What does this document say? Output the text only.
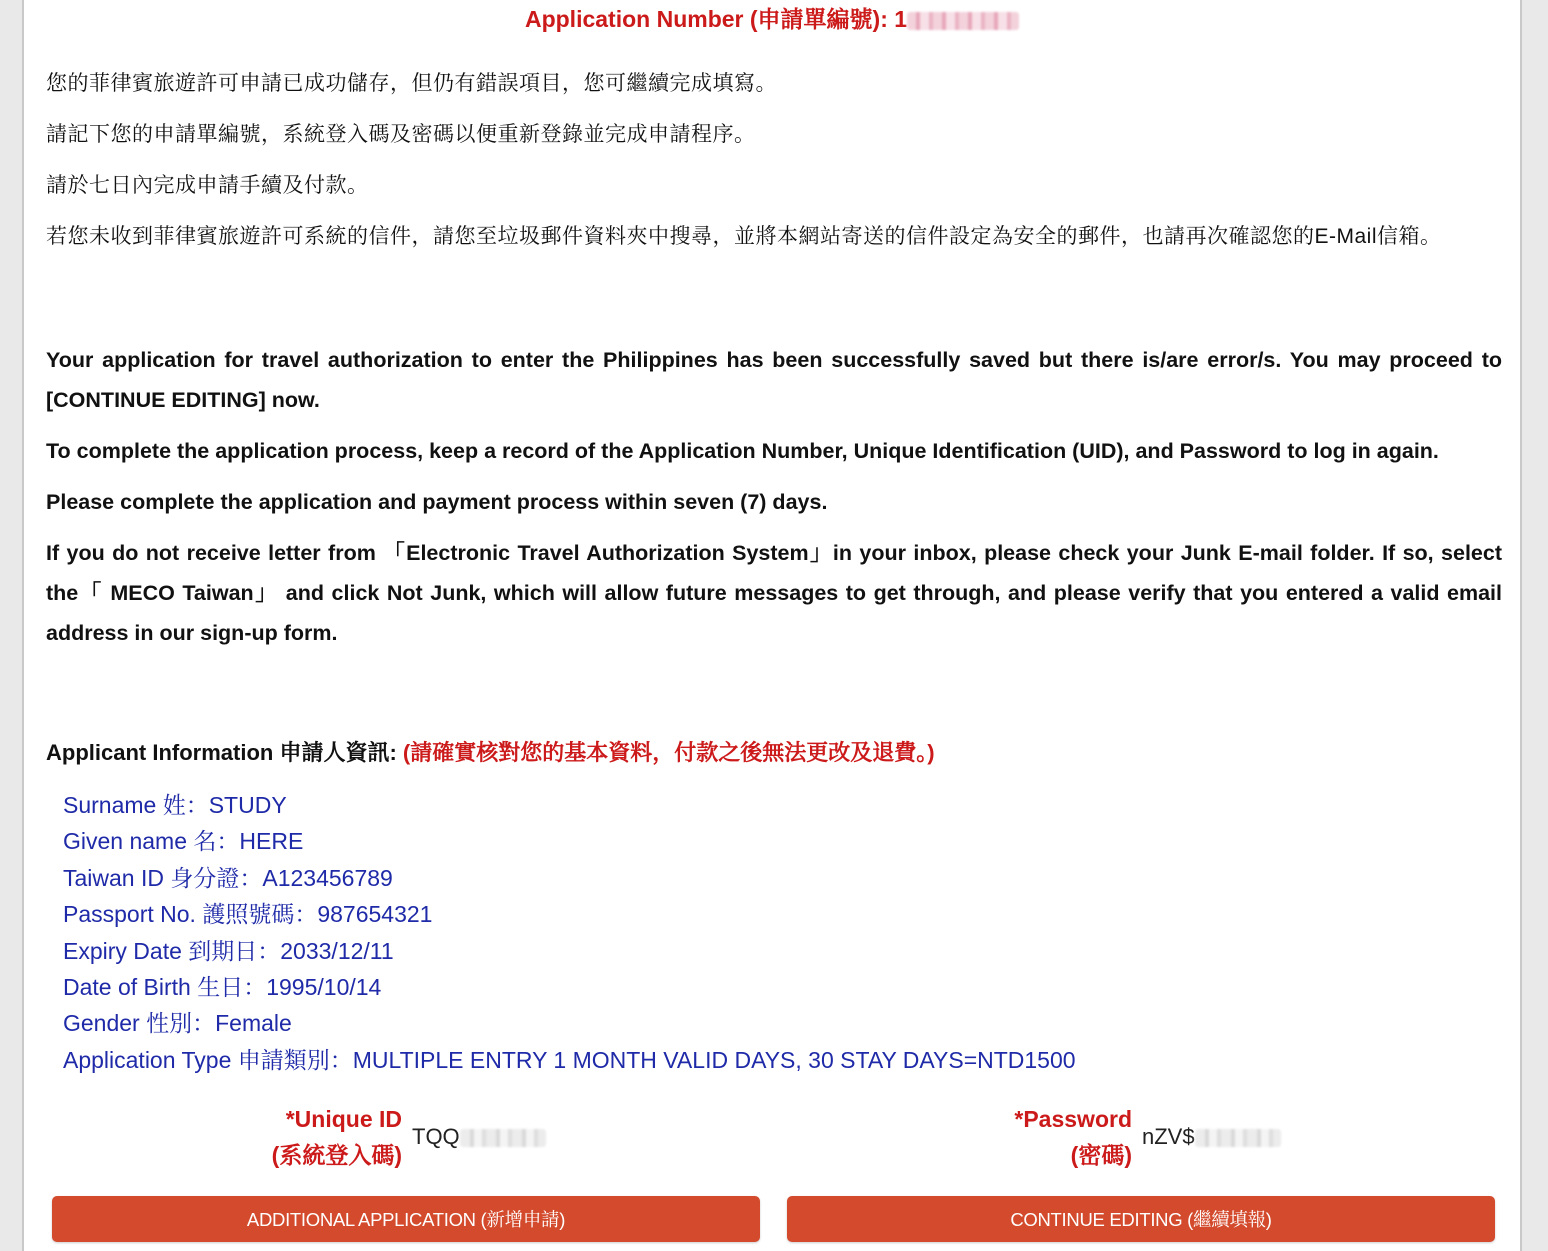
Application Number (申請單編號): 1

您的菲律賓旅遊許可申請已成功儲存，但仍有錯誤項目，您可繼續完成填寫。

請記下您的申請單編號，系統登入碼及密碼以便重新登錄並完成申請程序。

請於七日內完成申請手續及付款。

若您未收到菲律賓旅遊許可系統的信件，請您至垃圾郵件資料夾中搜尋，並將本網站寄送的信件設定為安全的郵件，也請再次確認您的E-Mail信箱。

Your application for travel authorization to enter the Philippines has been successfully saved but there is/are error/s. You may proceed to [CONTINUE EDITING] now.

To complete the application process, keep a record of the Application Number, Unique Identification (UID), and Password to log in again.

Please complete the application and payment process within seven (7) days.

If you do not receive letter from 「Electronic Travel Authorization System」in your inbox, please check your Junk E-mail folder. If so, select the「 MECO Taiwan」 and click Not Junk, which will allow future messages to get through, and please verify that you entered a valid email address in our sign-up form.

Applicant Information 申請人資訊: (請確實核對您的基本資料，付款之後無法更改及退費。)
Surname 姓：STUDY
Given name 名：HERE
Taiwan ID 身分證：A123456789
Passport No. 護照號碼：987654321
Expiry Date 到期日：2033/12/11
Date of Birth 生日：1995/10/14
Gender 性別：Female
Application Type 申請類別：MULTIPLE ENTRY 1 MONTH VALID DAYS, 30 STAY DAYS=NTD1500
*Unique ID
(系統登入碼)
TQQ
*Password
(密碼)
nZV$
ADDITIONAL APPLICATION (新增申請)	CONTINUE EDITING (繼續填報)
